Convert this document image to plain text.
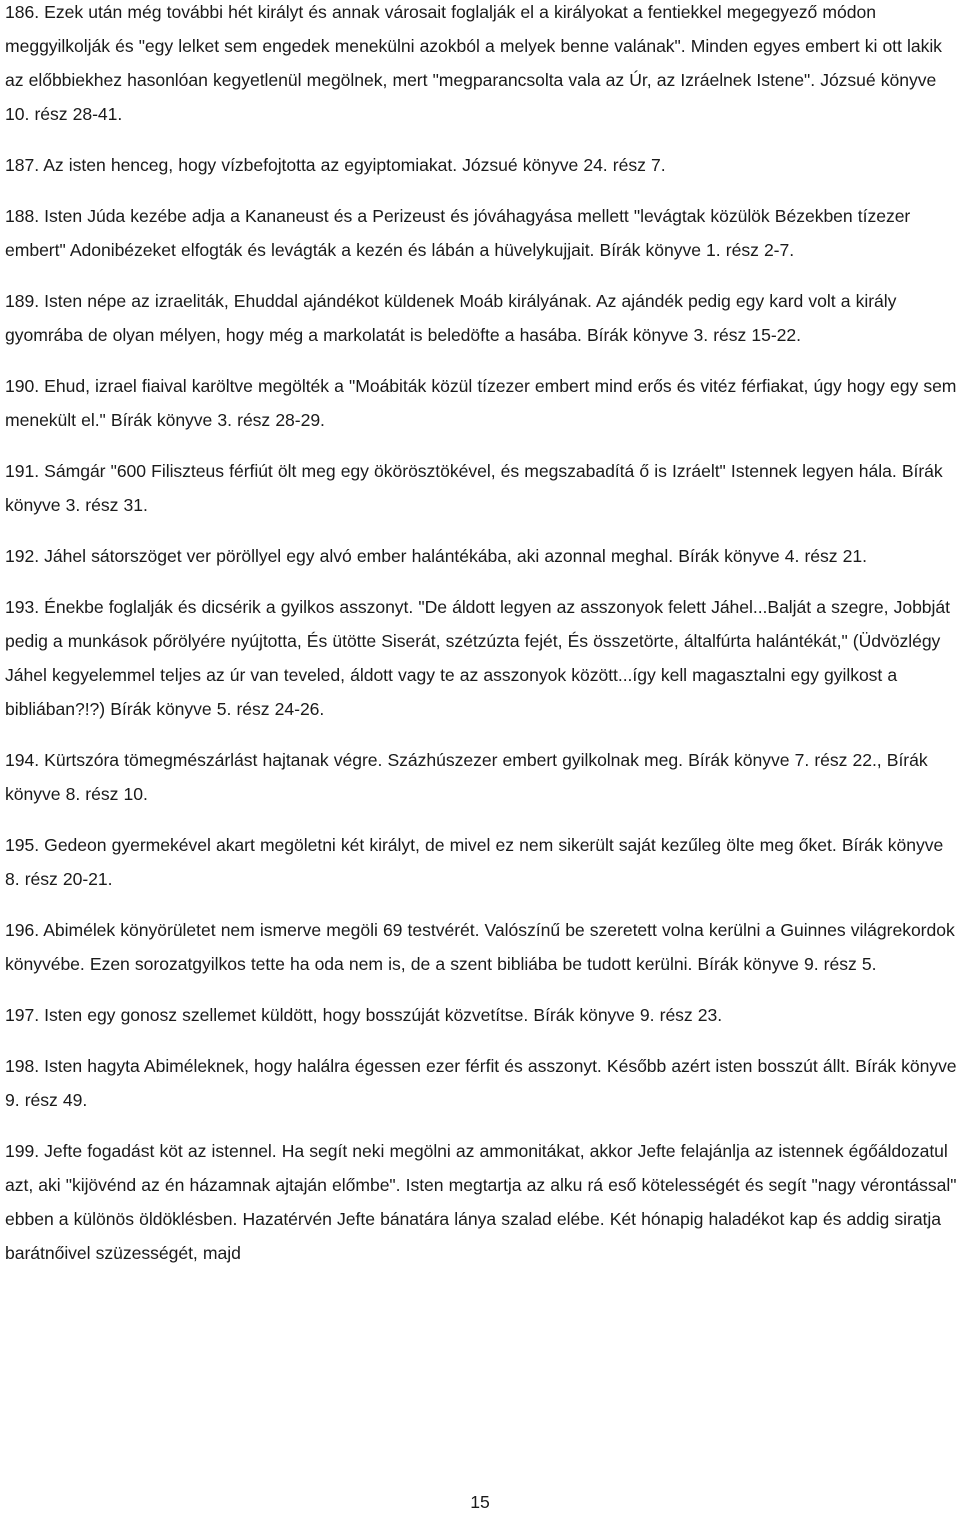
186. Ezek után még további hét királyt és annak városait foglalják el a királyokat a fentiekkel megegyező módon meggyilkolják és "egy lelket sem engedek menekülni azokból a melyek benne valának". Minden egyes embert ki ott lakik az előbbiekhez hasonlóan kegyetlenül megölnek, mert "megparancsolta vala az Úr, az Izráelnek Istene". Józsué könyve 10. rész 28-41.

187. Az isten henceg, hogy vízbefojtotta az egyiptomiakat. Józsué könyve 24. rész 7.

188. Isten Júda kezébe adja a Kananeust és a Perizeust és jóváhagyása mellett "levágtak közülök Bézekben tízezer embert" Adonibézeket elfogták és levágták a kezén és lábán a hüvelykujjait. Bírák könyve 1. rész 2-7.

189. Isten népe az izraeliták, Ehuddal ajándékot küldenek Moáb királyának. Az ajándék pedig egy kard volt a király gyomrába de olyan mélyen, hogy még a markolatát is beledöfte a hasába. Bírák könyve 3. rész 15-22.

190. Ehud, izrael fiaival karöltve megölték a "Moábiták közül tízezer embert mind erős és vitéz férfiakat, úgy hogy egy sem menekült el." Bírák könyve 3. rész 28-29.

191. Sámgár "600 Filiszteus férfiút ölt meg egy ökörösztökével, és megszabadítá ő is Izráelt" Istennek legyen hála. Bírák könyve 3. rész 31.

192. Jáhel sátorszöget ver pöröllyel egy alvó ember halántékába, aki azonnal meghal. Bírák könyve 4. rész 21.

193. Énekbe foglalják és dicsérik a gyilkos asszonyt. "De áldott legyen az asszonyok felett Jáhel...Balját a szegre, Jobbját pedig a munkások pőrölyére nyújtotta, És ütötte Siserát, szétzúzta fejét, És összetörte, általfúrta halántékát," (Üdvözlégy Jáhel kegyelemmel teljes az úr van teveled, áldott vagy te az asszonyok között...így kell magasztalni egy gyilkost a bibliában?!?) Bírák könyve 5. rész 24-26.

194. Kürtszóra tömegmészárlást hajtanak végre. Százhúszezer embert gyilkolnak meg. Bírák könyve 7. rész 22., Bírák könyve 8. rész 10.

195. Gedeon gyermekével akart megöletni két királyt, de mivel ez nem sikerült saját kezűleg ölte meg őket. Bírák könyve 8. rész 20-21.

196. Abimélek könyörületet nem ismerve megöli 69 testvérét. Valószínű be szeretett volna kerülni a Guinnes világrekordok könyvébe. Ezen sorozatgyilkos tette ha oda nem is, de a szent bibliába be tudott kerülni. Bírák könyve 9. rész 5.

197. Isten egy gonosz szellemet küldött, hogy bosszúját közvetítse. Bírák könyve 9. rész 23.

198. Isten hagyta Abiméleknek, hogy halálra égessen ezer férfit és asszonyt. Később azért isten bosszút állt. Bírák könyve 9. rész 49.

199. Jefte fogadást köt az istennel. Ha segít neki megölni az ammonitákat, akkor Jefte felajánlja az istennek égőáldozatul azt, aki "kijövénd az én házamnak ajtaján előmbe". Isten megtartja az alku rá eső kötelességét és segít "nagy vérontással" ebben a különös öldöklésben. Hazatérvén Jefte bánatára lánya szalad elébe. Két hónapig haladékot kap és addig siratja barátnőivel szüzességét, majd

15
